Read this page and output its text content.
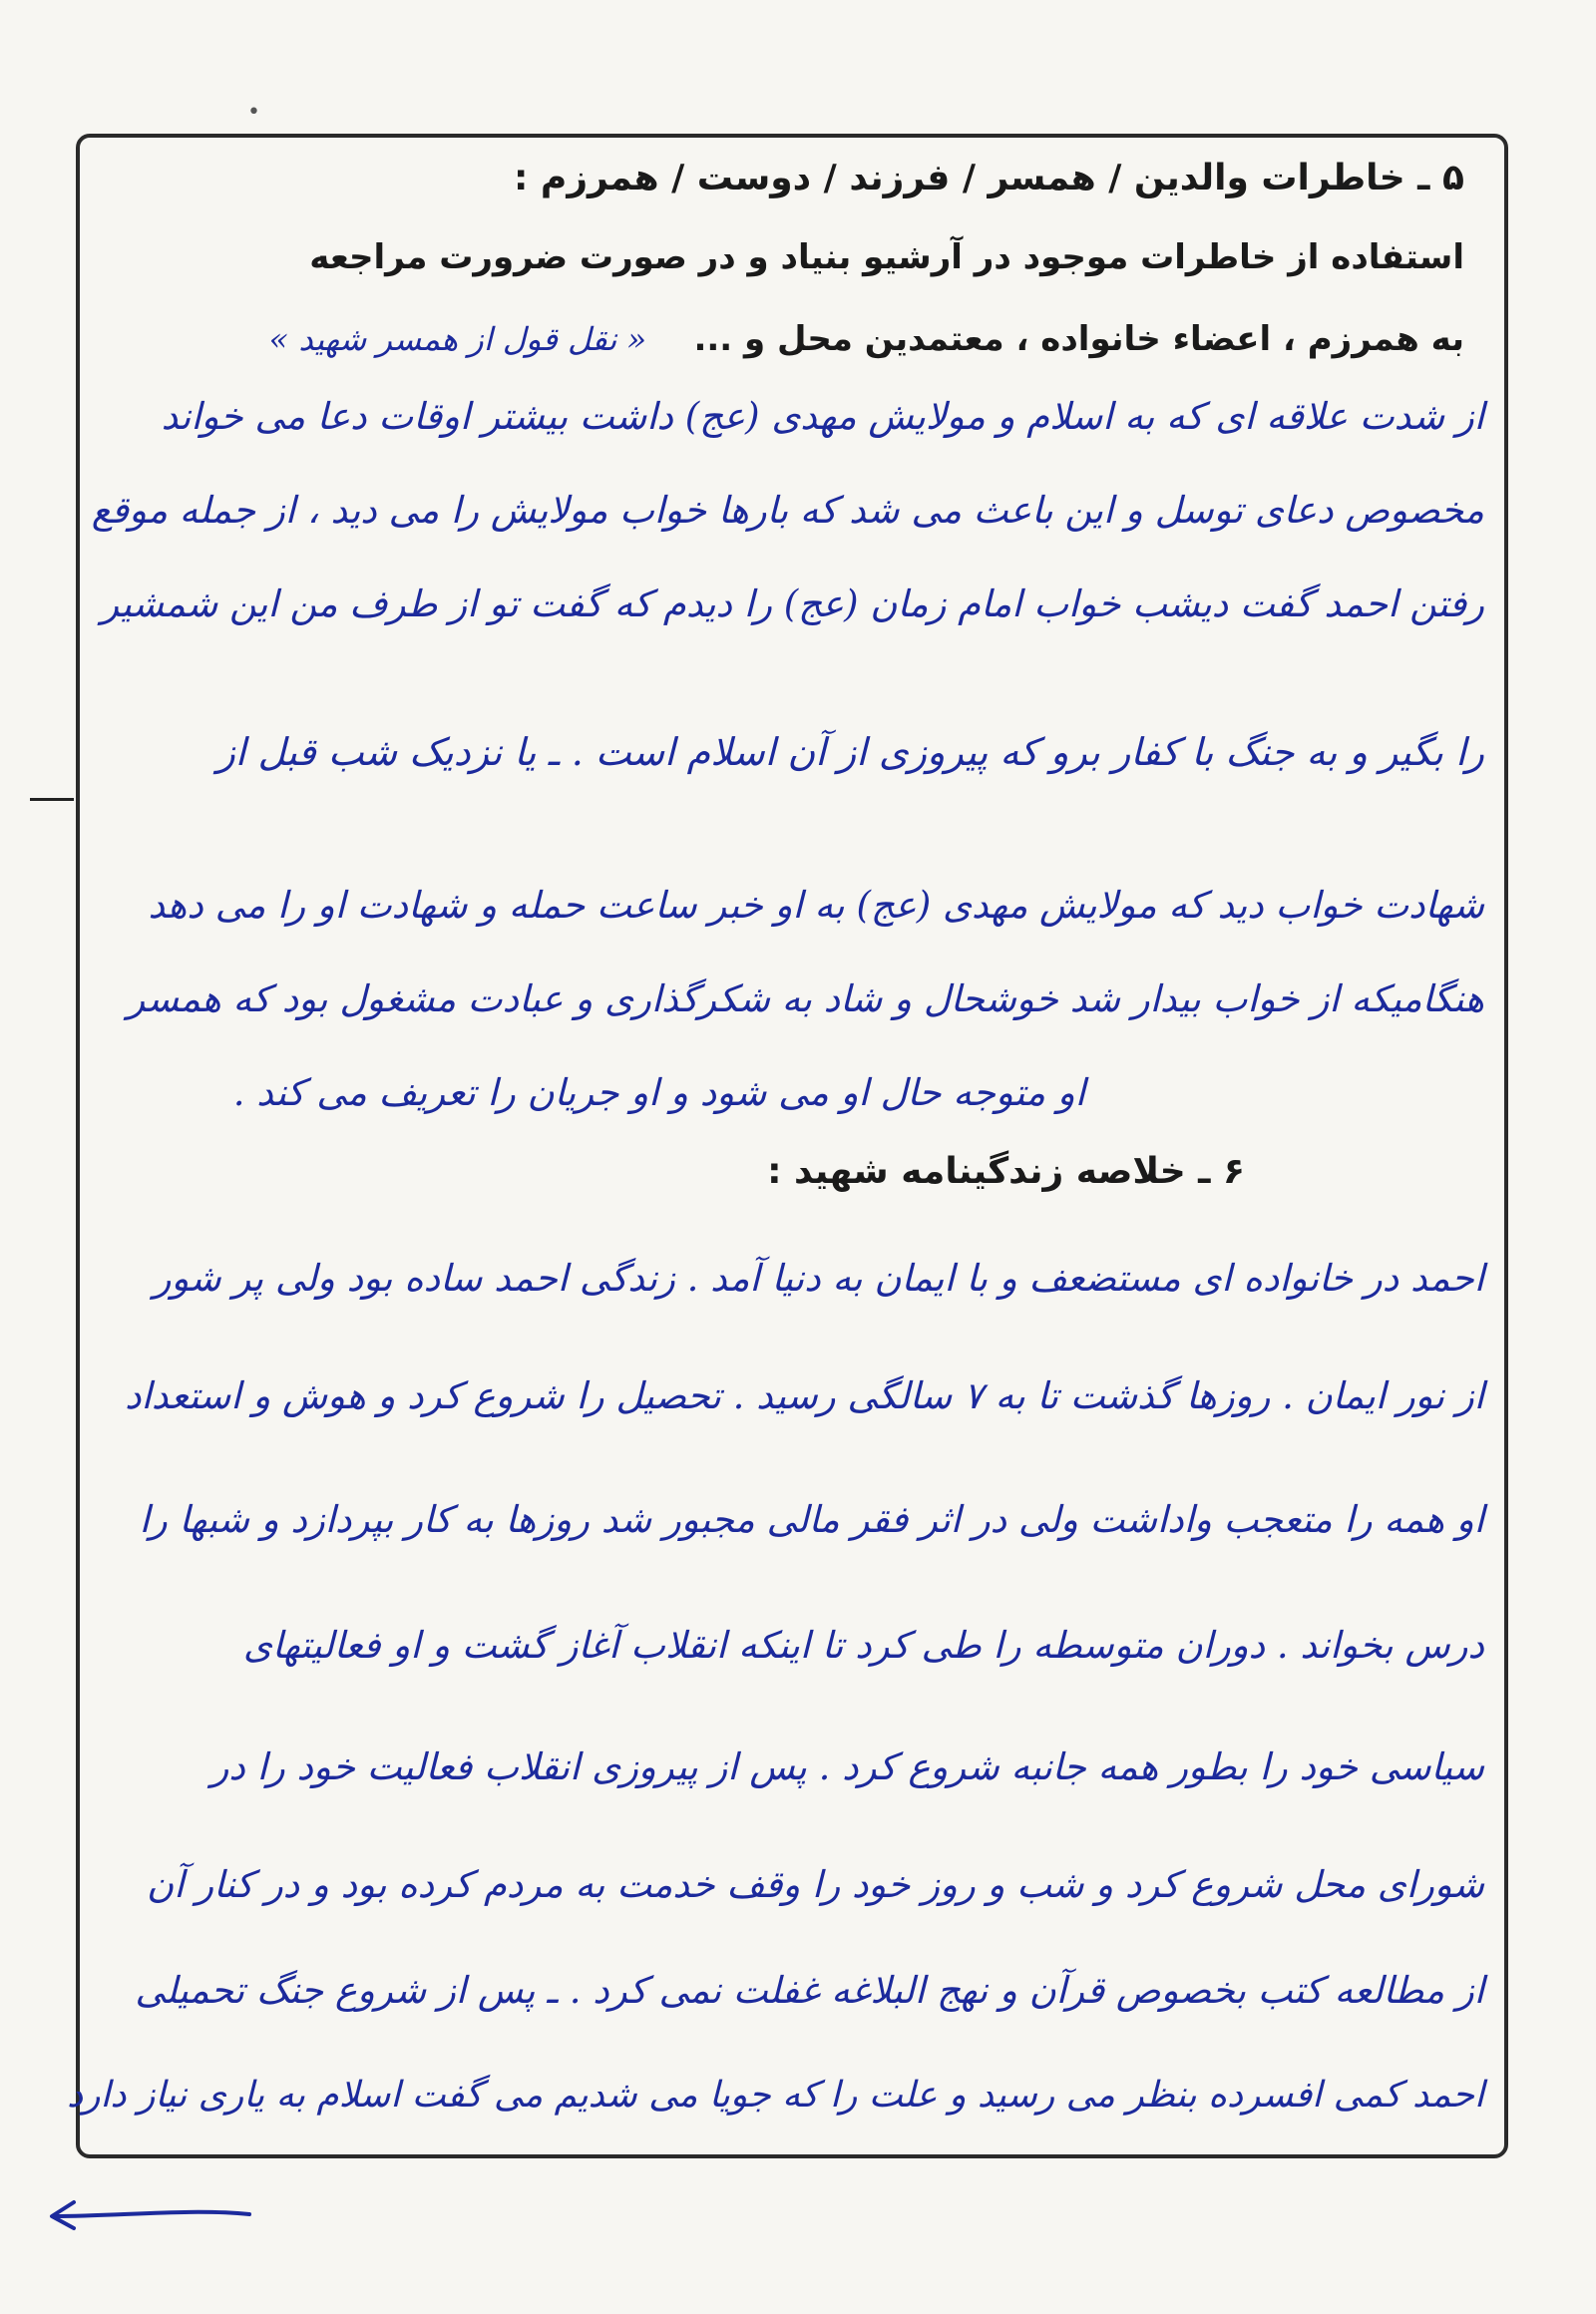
•
۵ ـ خاطرات والدین / همسر / فرزند / دوست / همرزم :
استفاده از خاطرات موجود در آرشیو بنیاد و در صورت ضرورت مراجعه
به همرزم ، اعضاء خانواده ، معتمدین محل و ...    « نقل قول از همسر شهید »
از شدت علاقه ای که به اسلام و مولایش مهدی (عج) داشت بیشتر اوقات دعا می خواند
مخصوص دعای توسل و این باعث می شد که بارها خواب مولایش را می دید ، از جمله موقع
رفتن احمد گفت دیشب خواب امام زمان (عج) را دیدم که گفت تو از طرف من این شمشیر
را بگیر و به جنگ با کفار برو که پیروزی از آن اسلام است . ـ یا نزدیک شب قبل از
شهادت خواب دید که مولایش مهدی (عج) به او خبر ساعت حمله و شهادت او را می دهد
هنگامیکه از خواب بیدار شد خوشحال و شاد به شکرگذاری و عبادت مشغول بود که همسر
او متوجه حال او می شود و او جریان را تعریف می کند .
۶ ـ خلاصه زندگینامه شهید :
احمد در خانواده ای مستضعف و با ایمان به دنیا آمد . زندگی احمد ساده بود ولی پر شور
از نور ایمان . روزها گذشت تا به ۷ سالگی رسید . تحصیل را شروع کرد و هوش و استعداد
او همه را متعجب واداشت ولی در اثر فقر مالی مجبور شد روزها به کار بپردازد و شبها را
درس بخواند . دوران متوسطه را طی کرد تا اینکه انقلاب آغاز گشت و او فعالیتهای
سیاسی خود را بطور همه جانبه شروع کرد . پس از پیروزی انقلاب فعالیت خود را در
شورای محل شروع کرد و شب و روز خود را وقف خدمت به مردم کرده بود و در کنار آن
از مطالعه کتب بخصوص قرآن و نهج البلاغه غفلت نمی کرد . ـ پس از شروع جنگ تحمیلی
احمد کمی افسرده بنظر می رسید و علت را که جویا می شدیم می گفت اسلام به یاری نیاز دارد
